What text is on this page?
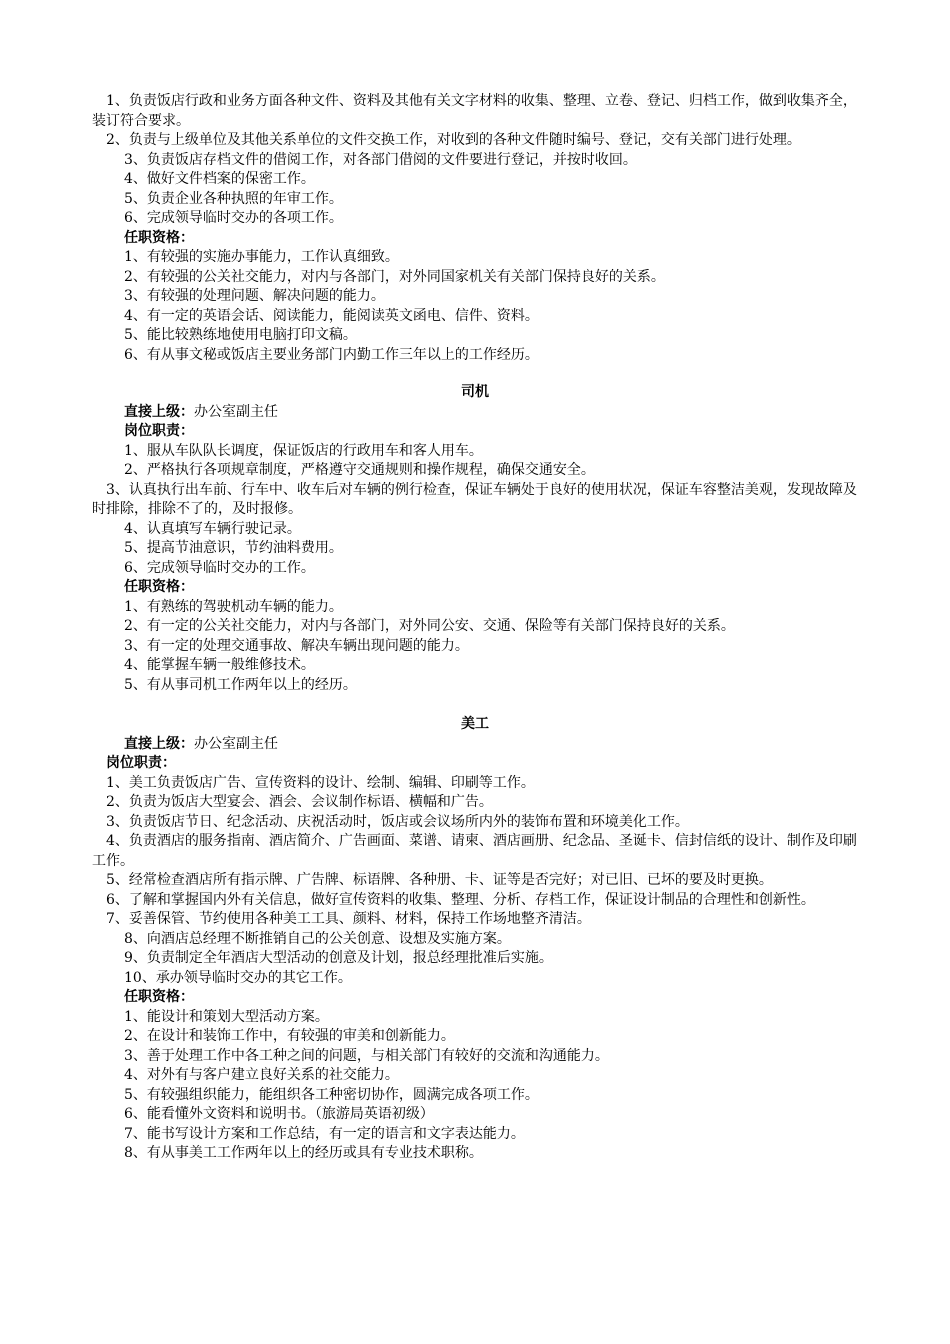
1、负责饭店行政和业务方面各种文件、资料及其他有关文字材料的收集、整理、立卷、登记、归档工作，做到收集齐全，装订符合要求。
2、负责与上级单位及其他关系单位的文件交换工作，对收到的各种文件随时编号、登记，交有关部门进行处理。
3、负责饭店存档文件的借阅工作，对各部门借阅的文件要进行登记，并按时收回。
4、做好文件档案的保密工作。
5、负责企业各种执照的年审工作。
6、完成领导临时交办的各项工作。
任职资格：
1、有较强的实施办事能力，工作认真细致。
2、有较强的公关社交能力，对内与各部门，对外同国家机关有关部门保持良好的关系。
3、有较强的处理问题、解决问题的能力。
4、有一定的英语会话、阅读能力，能阅读英文函电、信件、资料。
5、能比较熟练地使用电脑打印文稿。
6、有从事文秘或饭店主要业务部门内勤工作三年以上的工作经历。
司机
直接上级：办公室副主任
岗位职责：
1、服从车队队长调度，保证饭店的行政用车和客人用车。
2、严格执行各项规章制度，严格遵守交通规则和操作规程，确保交通安全。
3、认真执行出车前、行车中、收车后对车辆的例行检查，保证车辆处于良好的使用状况，保证车容整洁美观，发现故障及时排除，排除不了的，及时报修。
4、认真填写车辆行驶记录。
5、提高节油意识，节约油料费用。
6、完成领导临时交办的工作。
任职资格：
1、有熟练的驾驶机动车辆的能力。
2、有一定的公关社交能力，对内与各部门，对外同公安、交通、保险等有关部门保持良好的关系。
3、有一定的处理交通事故、解决车辆出现问题的能力。
4、能掌握车辆一般维修技术。
5、有从事司机工作两年以上的经历。
美工
直接上级：办公室副主任
岗位职责：
1、美工负责饭店广告、宣传资料的设计、绘制、编辑、印刷等工作。
2、负责为饭店大型宴会、酒会、会议制作标语、横幅和广告。
3、负责饭店节日、纪念活动、庆祝活动时，饭店或会议场所内外的装饰布置和环境美化工作。
4、负责酒店的服务指南、酒店简介、广告画面、菜谱、请柬、酒店画册、纪念品、圣诞卡、信封信纸的设计、制作及印刷工作。
5、经常检查酒店所有指示牌、广告牌、标语牌、各种册、卡、证等是否完好；对已旧、已坏的要及时更换。
6、了解和掌握国内外有关信息，做好宣传资料的收集、整理、分析、存档工作，保证设计制品的合理性和创新性。
7、妥善保管、节约使用各种美工工具、颜料、材料，保持工作场地整齐清洁。
8、向酒店总经理不断推销自己的公关创意、设想及实施方案。
9、负责制定全年酒店大型活动的创意及计划，报总经理批准后实施。
10、承办领导临时交办的其它工作。
任职资格：
1、能设计和策划大型活动方案。
2、在设计和装饰工作中，有较强的审美和创新能力。
3、善于处理工作中各工种之间的问题，与相关部门有较好的交流和沟通能力。
4、对外有与客户建立良好关系的社交能力。
5、有较强组织能力，能组织各工种密切协作，圆满完成各项工作。
6、能看懂外文资料和说明书。（旅游局英语初级）
7、能书写设计方案和工作总结，有一定的语言和文字表达能力。
8、有从事美工工作两年以上的经历或具有专业技术职称。
